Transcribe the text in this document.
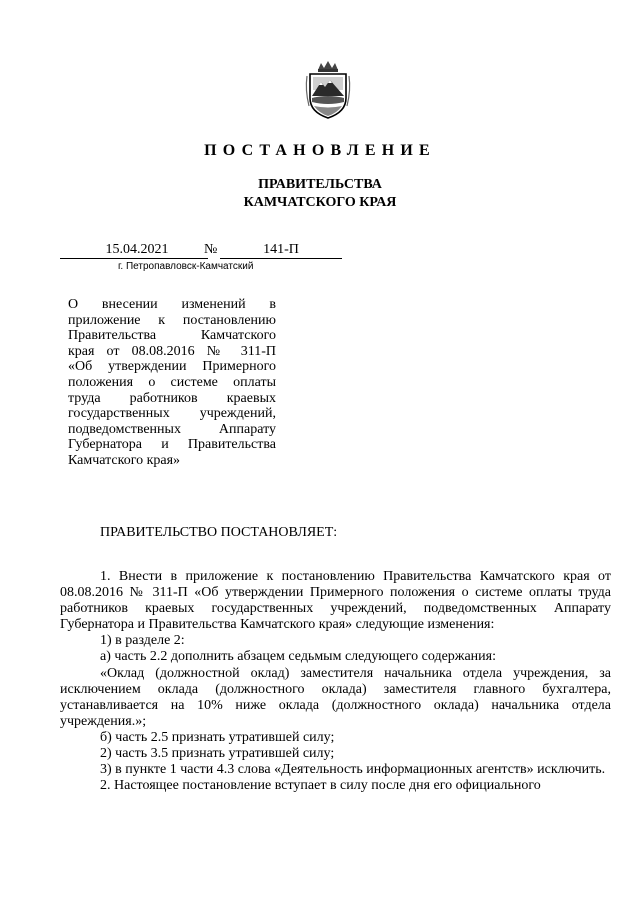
ПОСТАНОВЛЕНИЕ
ПРАВИТЕЛЬСТВА
КАМЧАТСКОГО КРАЯ
15.04.2021	№	141-П
г. Петропавловск-Камчатский
О внесении изменений в
приложение к постановлению
Правительства Камчатского
края от 08.08.2016 № 311-П
«Об утверждении Примерного
положения о системе оплаты
труда работников краевых
государственных учреждений,
подведомственных Аппарату
Губернатора и Правительства
Камчатского края»
ПРАВИТЕЛЬСТВО ПОСТАНОВЛЯЕТ:

1. Внести в приложение к постановлению Правительства Камчатского края от 08.08.2016 № 311-П «Об утверждении Примерного положения о системе оплаты труда работников краевых государственных учреждений, подведомственных Аппарату Губернатора и Правительства Камчатского края» следующие изменения:

1) в разделе 2:

а) часть 2.2 дополнить абзацем седьмым следующего содержания:

«Оклад (должностной оклад) заместителя начальника отдела учреждения, за исключением оклада (должностного оклада) заместителя главного бухгалтера, устанавливается на 10% ниже оклада (должностного оклада) начальника отдела учреждения.»;

б) часть 2.5 признать утратившей силу;

2) часть 3.5 признать утратившей силу;

3) в пункте 1 части 4.3 слова «Деятельность информационных агентств» исключить.

2. Настоящее постановление вступает в силу после дня его официального
